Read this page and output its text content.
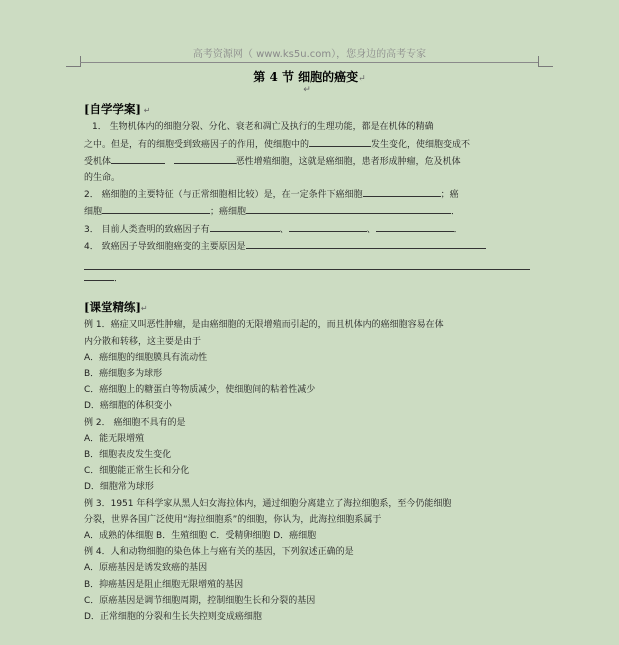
高考资源网（ www.ks5u.com），您身边的高考专家
第 4 节 细胞的癌变↵
↵
[自学学案] ↵
1． 生物机体内的细胞分裂、分化、衰老和凋亡及执行的生理功能，都是在机体的精确
之中。但是，有的细胞受到致癌因子的作用，使细胞中的	发生变化，使细胞变成不
受机体	恶性增殖细胞，这就是癌细胞，患者形成肿瘤，危及机体
的生命。
2． 癌细胞的主要特征（与正常细胞相比较）是，在一定条件下癌细胞	；癌
细胞	；癌细胞	．
3． 目前人类查明的致癌因子有	、	、	．
4． 致癌因子导致细胞癌变的主要原因是
．
[课堂精练]↵
例 1．癌症又叫恶性肿瘤，是由癌细胞的无限增殖而引起的，而且机体内的癌细胞容易在体
内分散和转移，这主要是由于
A．癌细胞的细胞膜具有流动性
B．癌细胞多为球形
C．癌细胞上的糖蛋白等物质减少，使细胞间的粘着性减少
D．癌细胞的体积变小
例 2． 癌细胞不具有的是
A．能无限增殖
B．细胞表皮发生变化
C．细胞能正常生长和分化
D．细胞常为球形
例 3．1951 年科学家从黑人妇女海拉体内，通过细胞分离建立了海拉细胞系，至今仍能细胞
分裂，世界各国广泛使用“海拉细胞系”的细胞，你认为，此海拉细胞系属于
A．成熟的体细胞 B．生殖细胞 C．受精卵细胞 D．癌细胞
例 4．人和动物细胞的染色体上与癌有关的基因，下列叙述正确的是
A．原癌基因是诱发致癌的基因
B．抑癌基因是阻止细胞无限增殖的基因
C．原癌基因是调节细胞周期，控制细胞生长和分裂的基因
D．正常细胞的分裂和生长失控则变成癌细胞
